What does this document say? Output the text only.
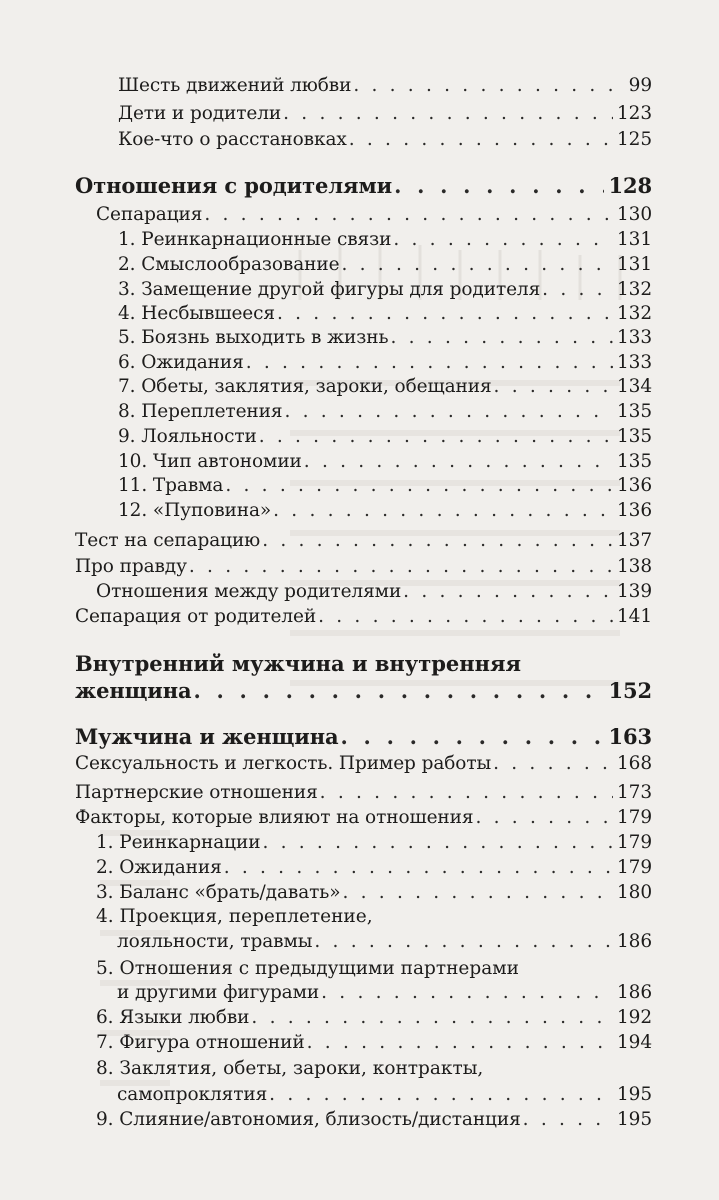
Шесть движений любви . . .	99
Дети и родители . . .	123
Кое-что о расстановках . . .	125
Отношения с родителями . . .	128
Сепарация . . .	130
1. Реинкарнационные связи . . .	131
2. Смыслообразование . . .	131
3. Замещение другой фигуры для родителя . . .	132
4. Несбывшееся . . .	132
5. Боязнь выходить в жизнь . . .	133
6. Ожидания . . .	133
7. Обеты, заклятия, зароки, обещания . . .	134
8. Переплетения . . .	135
9. Лояльности . . .	135
10. Чип автономии . . .	135
11. Травма . . .	136
12. «Пуповина» . . .	136
Тест на сепарацию . . .	137
Про правду . . .	138
Отношения между родителями . . .	139
Сепарация от родителей . . .	141
Внутренний мужчина и внутренняя
женщина . . .	152
Мужчина и женщина . . .	163
Сексуальность и легкость. Пример работы . . .	168
Партнерские отношения . . .	173
Факторы, которые влияют на отношения . . .	179
1. Реинкарнации . . .	179
2. Ожидания . . .	179
3. Баланс «брать/давать» . . .	180
4. Проекция, переплетение,
лояльности, травмы . . .	186
5. Отношения с предыдущими партнерами
и другими фигурами . . .	186
6. Языки любви . . .	192
7. Фигура отношений . . .	194
8. Заклятия, обеты, зароки, контракты,
самопроклятия . . .	195
9. Слияние/автономия, близость/дистанция . . .	195
